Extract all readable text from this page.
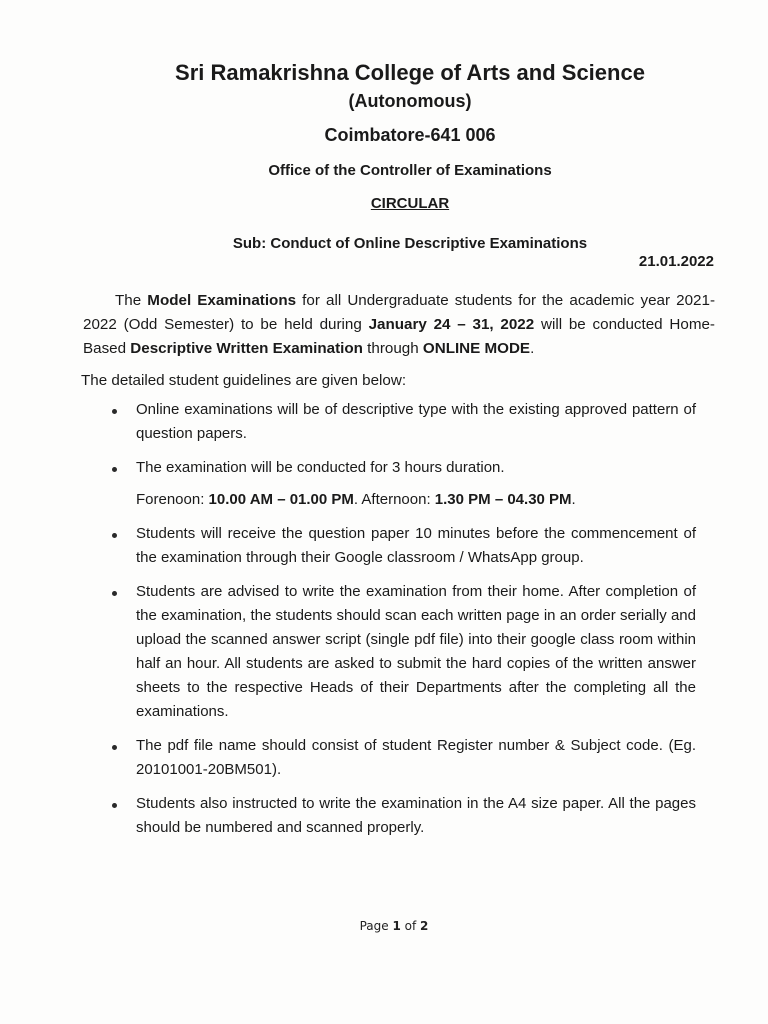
Sri Ramakrishna College of Arts and Science
(Autonomous)
Coimbatore-641 006
Office of the Controller of Examinations
CIRCULAR
Sub: Conduct of Online Descriptive Examinations
21.01.2022
The Model Examinations for all Undergraduate students for the academic year 2021-2022 (Odd Semester) to be held during January 24 – 31, 2022 will be conducted Home-Based Descriptive Written Examination through ONLINE MODE.
The detailed student guidelines are given below:

Online examinations will be of descriptive type with the existing approved pattern of question papers.

The examination will be conducted for 3 hours duration.

Forenoon: 10.00 AM – 01.00 PM. Afternoon: 1.30 PM – 04.30 PM.

Students will receive the question paper 10 minutes before the commencement of the examination through their Google classroom / WhatsApp group.

Students are advised to write the examination from their home. After completion of the examination, the students should scan each written page in an order serially and upload the scanned answer script (single pdf file) into their google class room within half an hour. All students are asked to submit the hard copies of the written answer sheets to the respective Heads of their Departments after the completing all the examinations.

The pdf file name should consist of student Register number & Subject code. (Eg. 20101001-20BM501).

Students also instructed to write the examination in the A4 size paper. All the pages should be numbered and scanned properly.

Page 1 of 2
